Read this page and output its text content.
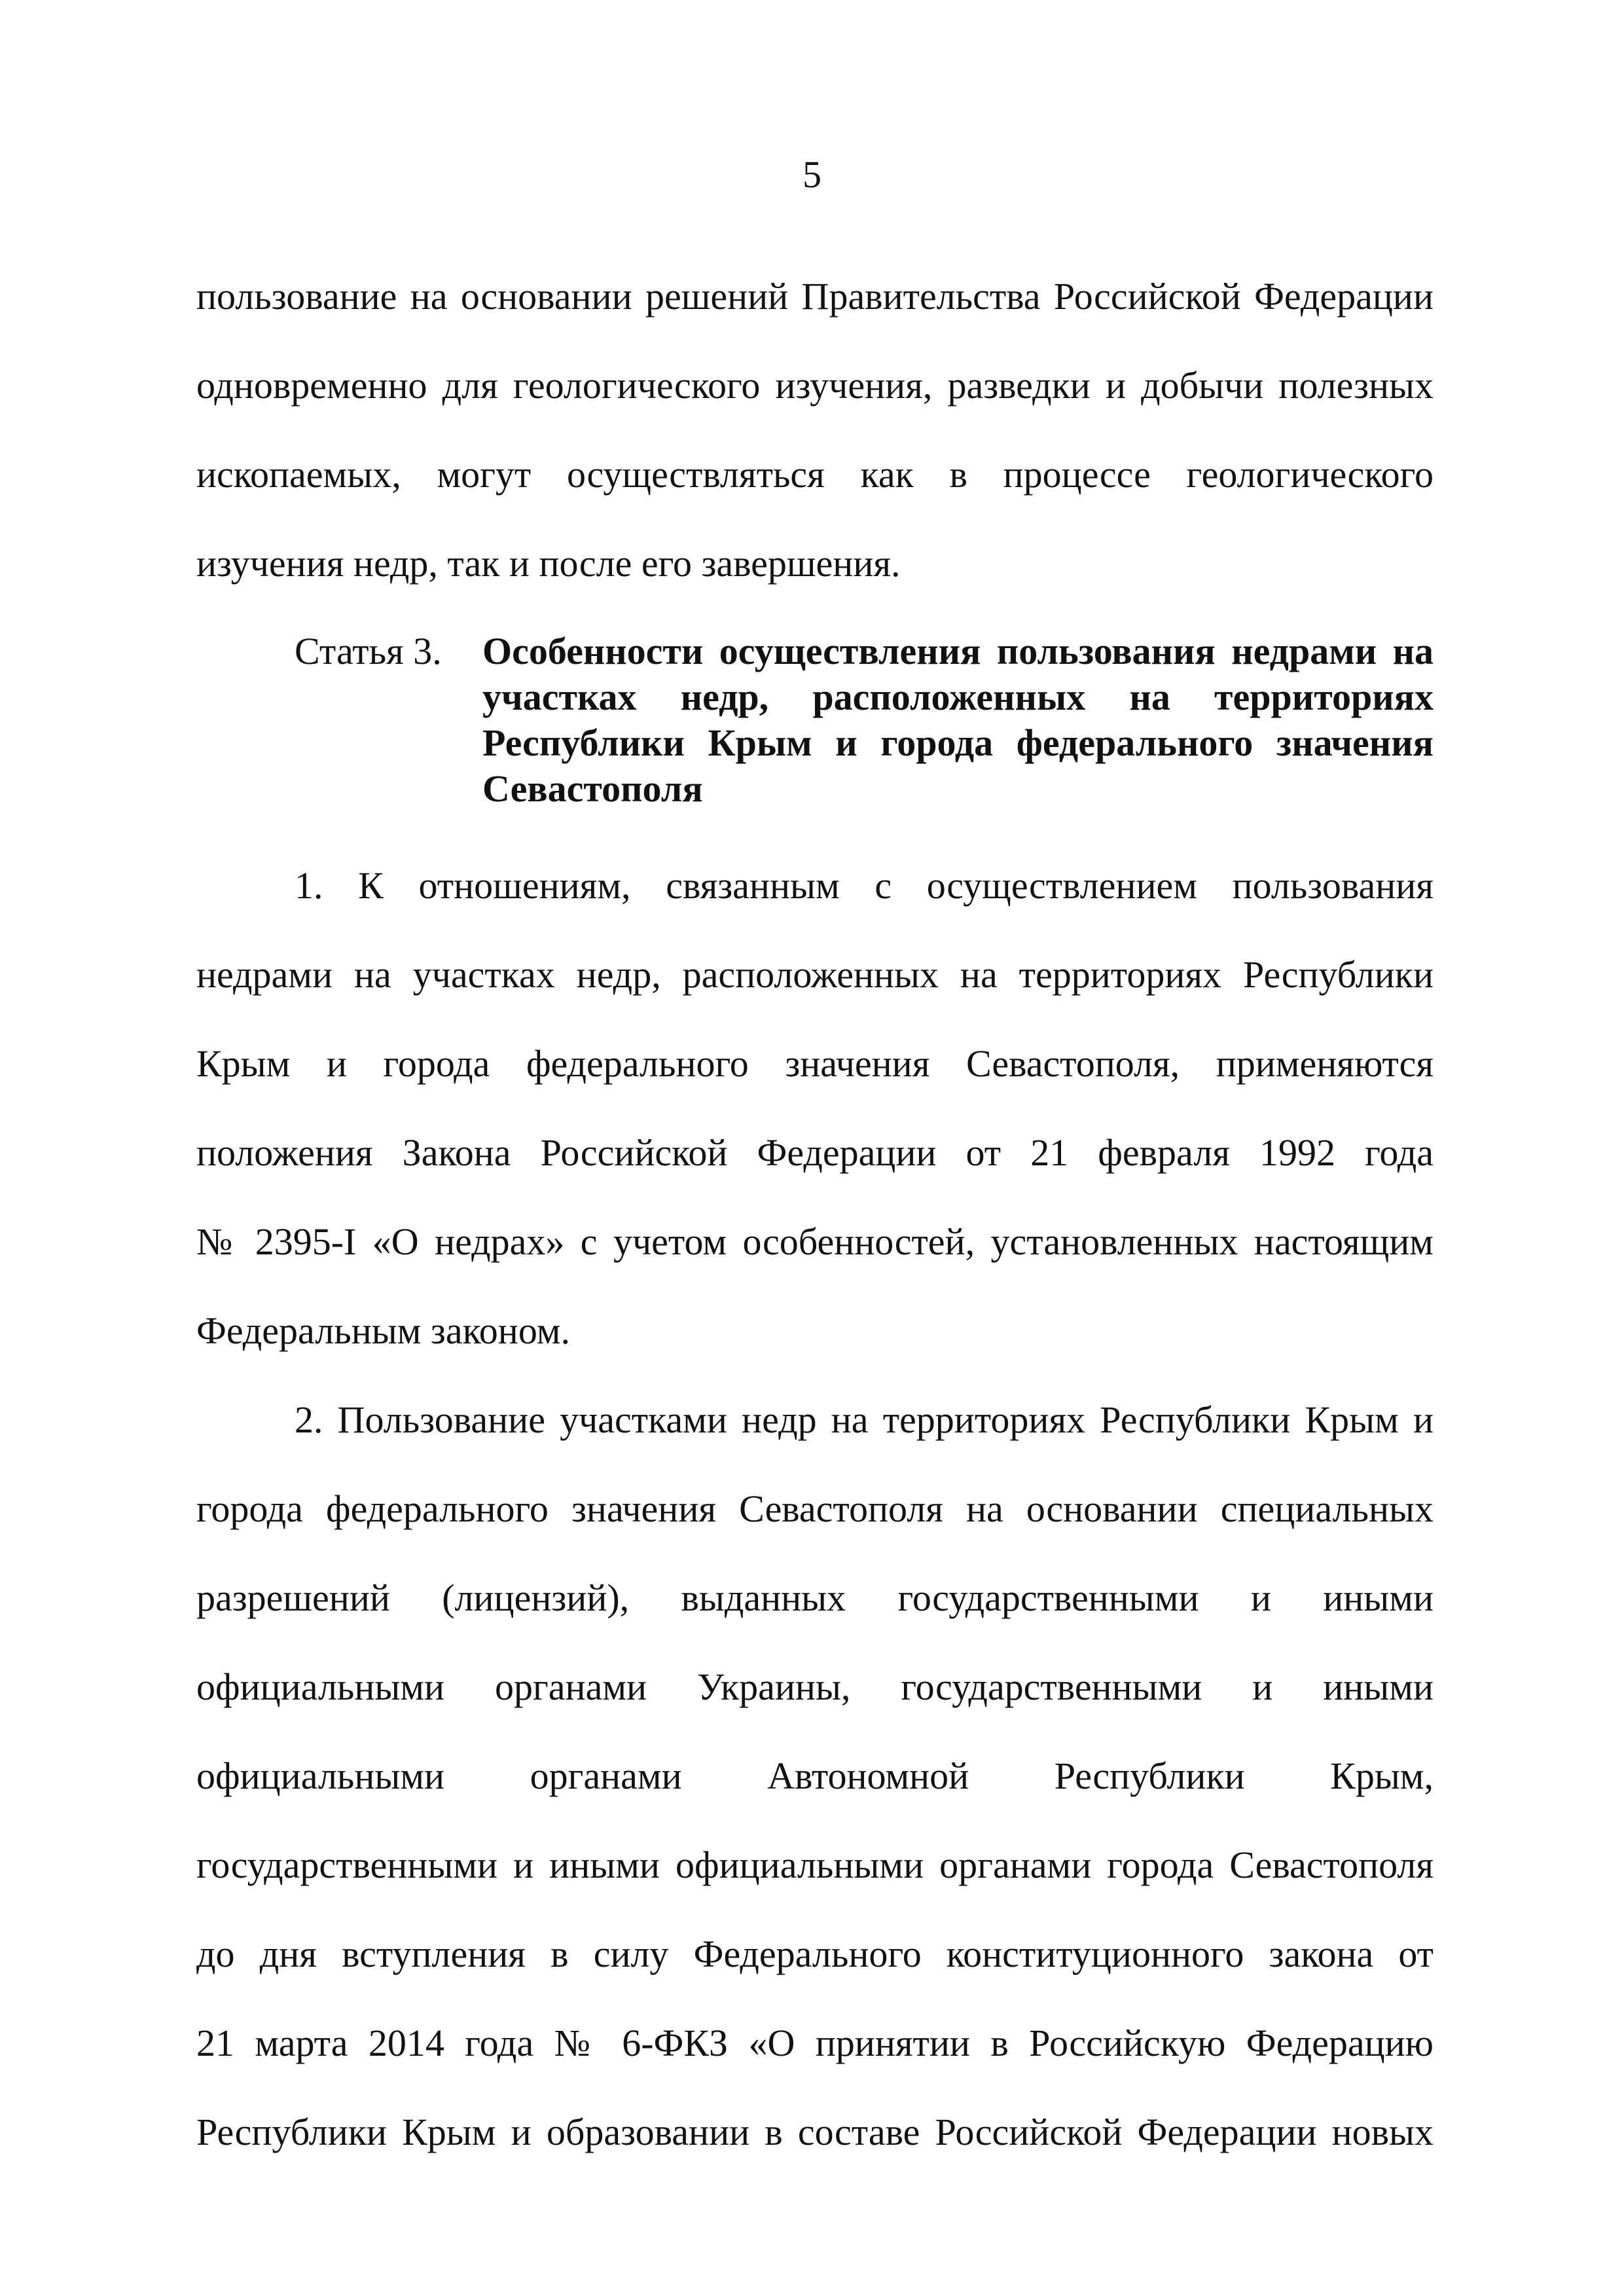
5
пользование на основании решений Правительства Российской Федерации
одновременно для геологического изучения, разведки и добычи полезных
ископаемых, могут осуществляться как в процессе геологического
изучения недр, так и после его завершения.
Статья 3. Особенности осуществления пользования недрами на
участках недр, расположенных на территориях
Республики Крым и города федерального значения
Севастополя
1. К отношениям, связанным с осуществлением пользования
недрами на участках недр, расположенных на территориях Республики
Крым и города федерального значения Севастополя, применяются
положения Закона Российской Федерации от 21 февраля 1992 года
№ 2395-I «О недрах» с учетом особенностей, установленных настоящим
Федеральным законом.
2. Пользование участками недр на территориях Республики Крым и
города федерального значения Севастополя на основании специальных
разрешений (лицензий), выданных государственными и иными
официальными органами Украины, государственными и иными
официальными органами Автономной Республики Крым,
государственными и иными официальными органами города Севастополя
до дня вступления в силу Федерального конституционного закона от
21 марта 2014 года № 6-ФКЗ «О принятии в Российскую Федерацию
Республики Крым и образовании в составе Российской Федерации новых
